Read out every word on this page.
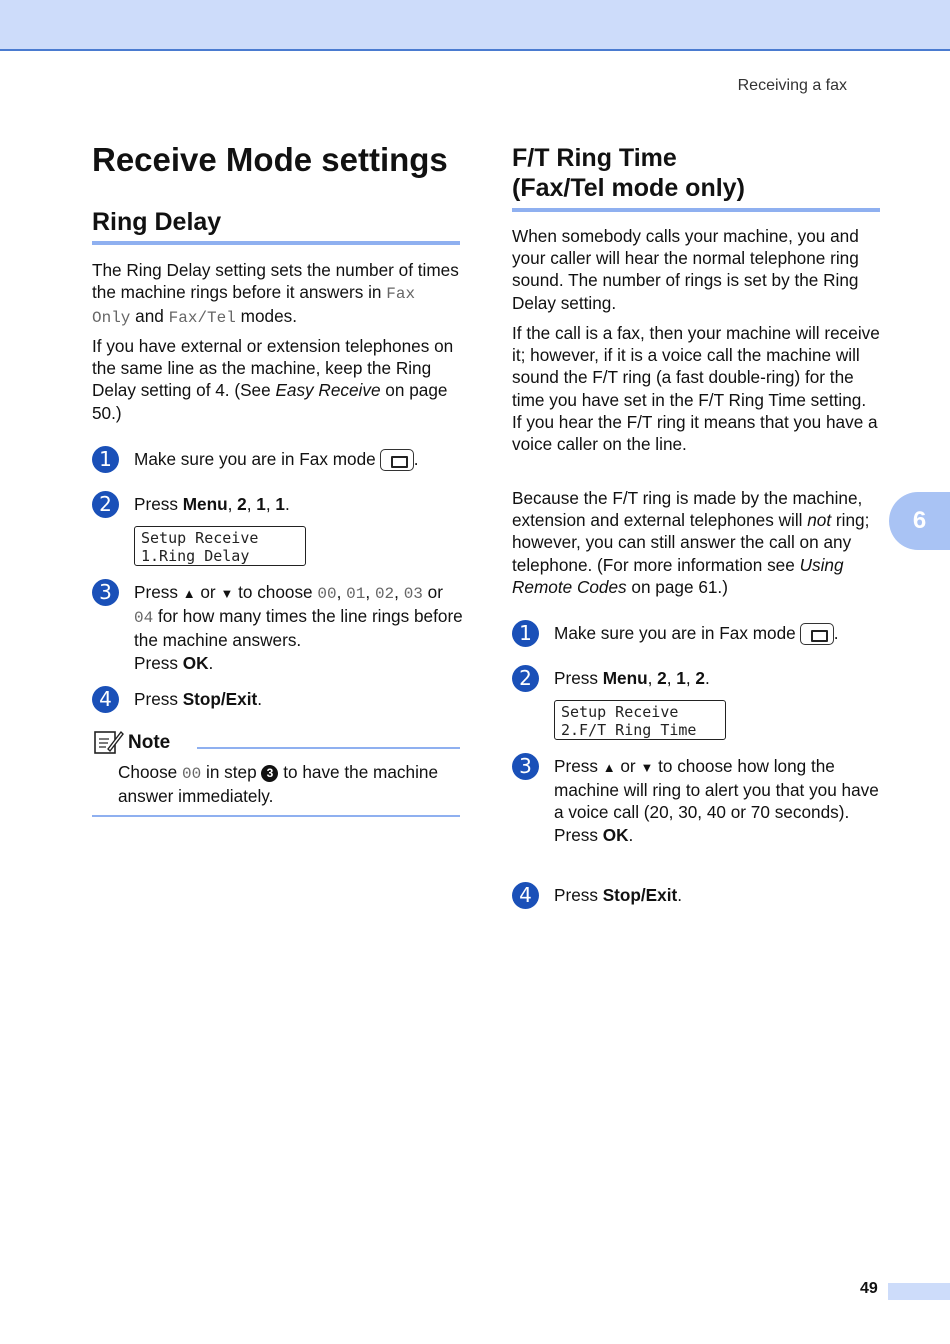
Receiving a fax
Receive Mode settings
Ring Delay

The Ring Delay setting sets the number of times the machine rings before it answers in Fax Only and Fax/Tel modes.

If you have external or extension telephones on the same line as the machine, keep the Ring Delay setting of 4. (See Easy Receive on page 50.)

1	Make sure you are in Fax mode .
2	Press Menu, 2, 1, 1.
Setup Receive
1.Ring Delay
3	Press ▲ or ▼ to choose 00, 01, 02, 03 or 04 for how many times the line rings before the machine answers.
Press OK.
4	Press Stop/Exit.
Note
Choose 00 in step 3 to have the machine answer immediately.
F/T Ring Time
(Fax/Tel mode only)

When somebody calls your machine, you and your caller will hear the normal telephone ring sound. The number of rings is set by the Ring Delay setting.

If the call is a fax, then your machine will receive it; however, if it is a voice call the machine will sound the F/T ring (a fast double-ring) for the time you have set in the F/T Ring Time setting. If you hear the F/T ring it means that you have a voice caller on the line.

Because the F/T ring is made by the machine, extension and external telephones will not ring; however, you can still answer the call on any telephone. (For more information see Using Remote Codes on page 61.)

1	Make sure you are in Fax mode .
2	Press Menu, 2, 1, 2.
Setup Receive
2.F/T Ring Time
3	Press ▲ or ▼ to choose how long the machine will ring to alert you that you have a voice call (20, 30, 40 or 70 seconds).
Press OK.
4	Press Stop/Exit.
6
49
